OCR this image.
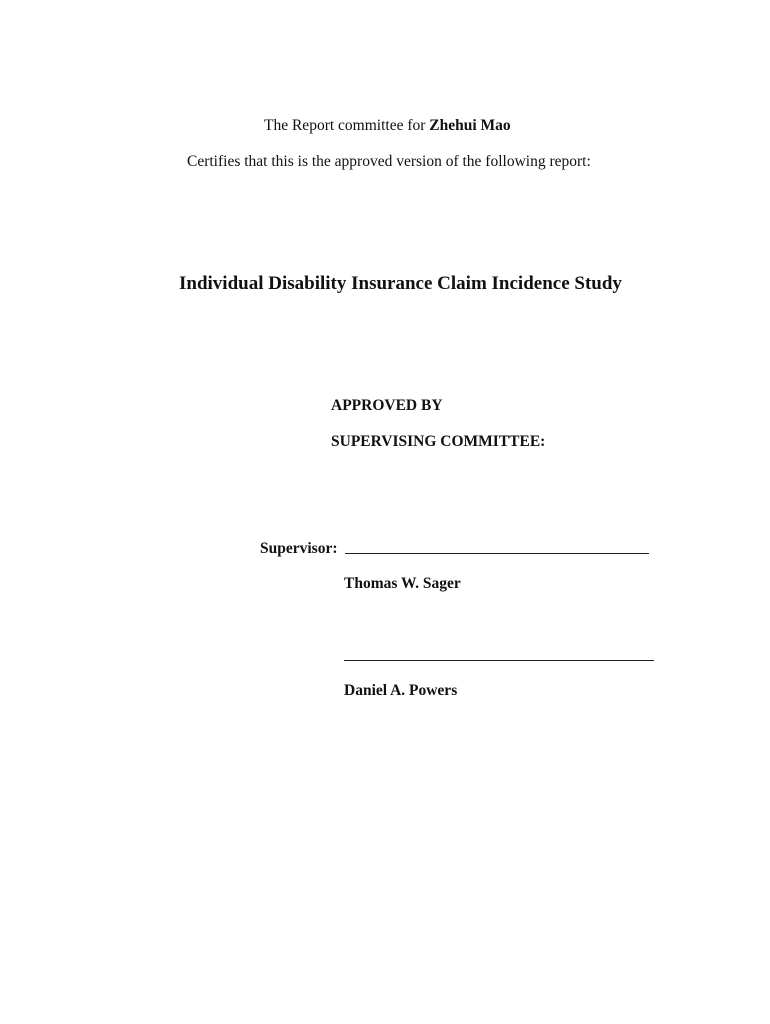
The Report committee for Zhehui Mao
Certifies that this is the approved version of the following report:
Individual Disability Insurance Claim Incidence Study
APPROVED BY
SUPERVISING COMMITTEE:
Supervisor:
Thomas W. Sager
Daniel A. Powers
